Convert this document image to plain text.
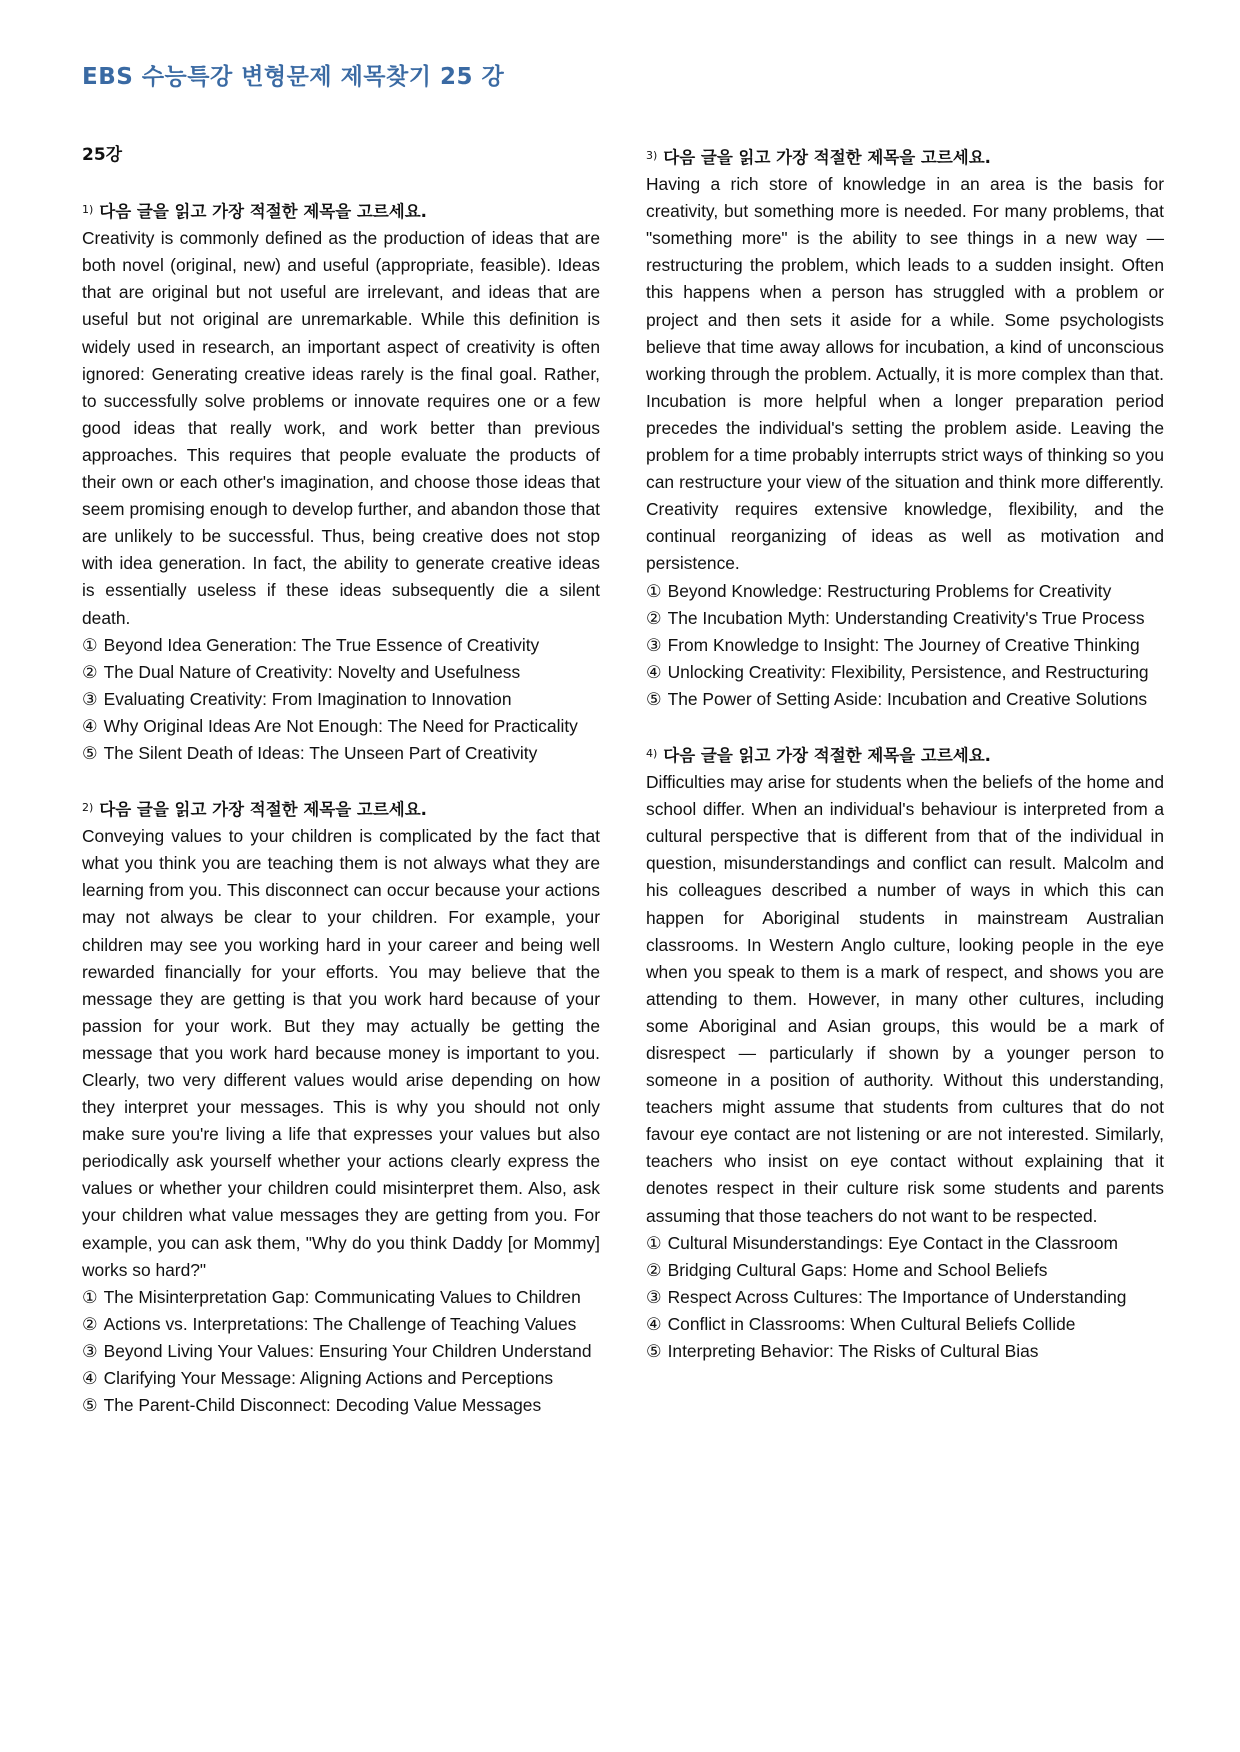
EBS 수능특강 변형문제 제목찾기 25 강
25강
$^{1)}$ 다음 글을 읽고 가장 적절한 제목을 고르세요.

Creativity is commonly defined as the production of ideas that are both novel (original, new) and useful (appropriate, feasible). Ideas that are original but not useful are irrelevant, and ideas that are useful but not original are unremarkable. While this definition is widely used in research, an important aspect of creativity is often ignored: Generating creative ideas rarely is the final goal. Rather, to successfully solve problems or innovate requires one or a few good ideas that really work, and work better than previous approaches. This requires that people evaluate the products of their own or each other's imagination, and choose those ideas that seem promising enough to develop further, and abandon those that are unlikely to be successful. Thus, being creative does not stop with idea generation. In fact, the ability to generate creative ideas is essentially useless if these ideas subsequently die a silent death.

① Beyond Idea Generation: The True Essence of Creativity
② The Dual Nature of Creativity: Novelty and Usefulness
③ Evaluating Creativity: From Imagination to Innovation
④ Why Original Ideas Are Not Enough: The Need for Practicality
⑤ The Silent Death of Ideas: The Unseen Part of Creativity
$^{2)}$ 다음 글을 읽고 가장 적절한 제목을 고르세요.

Conveying values to your children is complicated by the fact that what you think you are teaching them is not always what they are learning from you. This disconnect can occur because your actions may not always be clear to your children. For example, your children may see you working hard in your career and being well rewarded financially for your efforts. You may believe that the message they are getting is that you work hard because of your passion for your work. But they may actually be getting the message that you work hard because money is important to you. Clearly, two very different values would arise depending on how they interpret your messages. This is why you should not only make sure you're living a life that expresses your values but also periodically ask yourself whether your actions clearly express the values or whether your children could misinterpret them. Also, ask your children what value messages they are getting from you. For example, you can ask them, "Why do you think Daddy [or Mommy] works so hard?"

① The Misinterpretation Gap: Communicating Values to Children
② Actions vs. Interpretations: The Challenge of Teaching Values
③ Beyond Living Your Values: Ensuring Your Children Understand
④ Clarifying Your Message: Aligning Actions and Perceptions
⑤ The Parent-Child Disconnect: Decoding Value Messages
$^{3)}$ 다음 글을 읽고 가장 적절한 제목을 고르세요.

Having a rich store of knowledge in an area is the basis for creativity, but something more is needed. For many problems, that "something more" is the ability to see things in a new way — restructuring the problem, which leads to a sudden insight. Often this happens when a person has struggled with a problem or project and then sets it aside for a while. Some psychologists believe that time away allows for incubation, a kind of unconscious working through the problem. Actually, it is more complex than that. Incubation is more helpful when a longer preparation period precedes the individual's setting the problem aside. Leaving the problem for a time probably interrupts strict ways of thinking so you can restructure your view of the situation and think more differently. Creativity requires extensive knowledge, flexibility, and the continual reorganizing of ideas as well as motivation and persistence.

① Beyond Knowledge: Restructuring Problems for Creativity
② The Incubation Myth: Understanding Creativity's True Process
③ From Knowledge to Insight: The Journey of Creative Thinking
④ Unlocking Creativity: Flexibility, Persistence, and Restructuring
⑤ The Power of Setting Aside: Incubation and Creative Solutions
$^{4)}$ 다음 글을 읽고 가장 적절한 제목을 고르세요.

Difficulties may arise for students when the beliefs of the home and school differ. When an individual's behaviour is interpreted from a cultural perspective that is different from that of the individual in question, misunderstandings and conflict can result. Malcolm and his colleagues described a number of ways in which this can happen for Aboriginal students in mainstream Australian classrooms. In Western Anglo culture, looking people in the eye when you speak to them is a mark of respect, and shows you are attending to them. However, in many other cultures, including some Aboriginal and Asian groups, this would be a mark of disrespect — particularly if shown by a younger person to someone in a position of authority. Without this understanding, teachers might assume that students from cultures that do not favour eye contact are not listening or are not interested. Similarly, teachers who insist on eye contact without explaining that it denotes respect in their culture risk some students and parents assuming that those teachers do not want to be respected.

① Cultural Misunderstandings: Eye Contact in the Classroom
② Bridging Cultural Gaps: Home and School Beliefs
③ Respect Across Cultures: The Importance of Understanding
④ Conflict in Classrooms: When Cultural Beliefs Collide
⑤ Interpreting Behavior: The Risks of Cultural Bias
